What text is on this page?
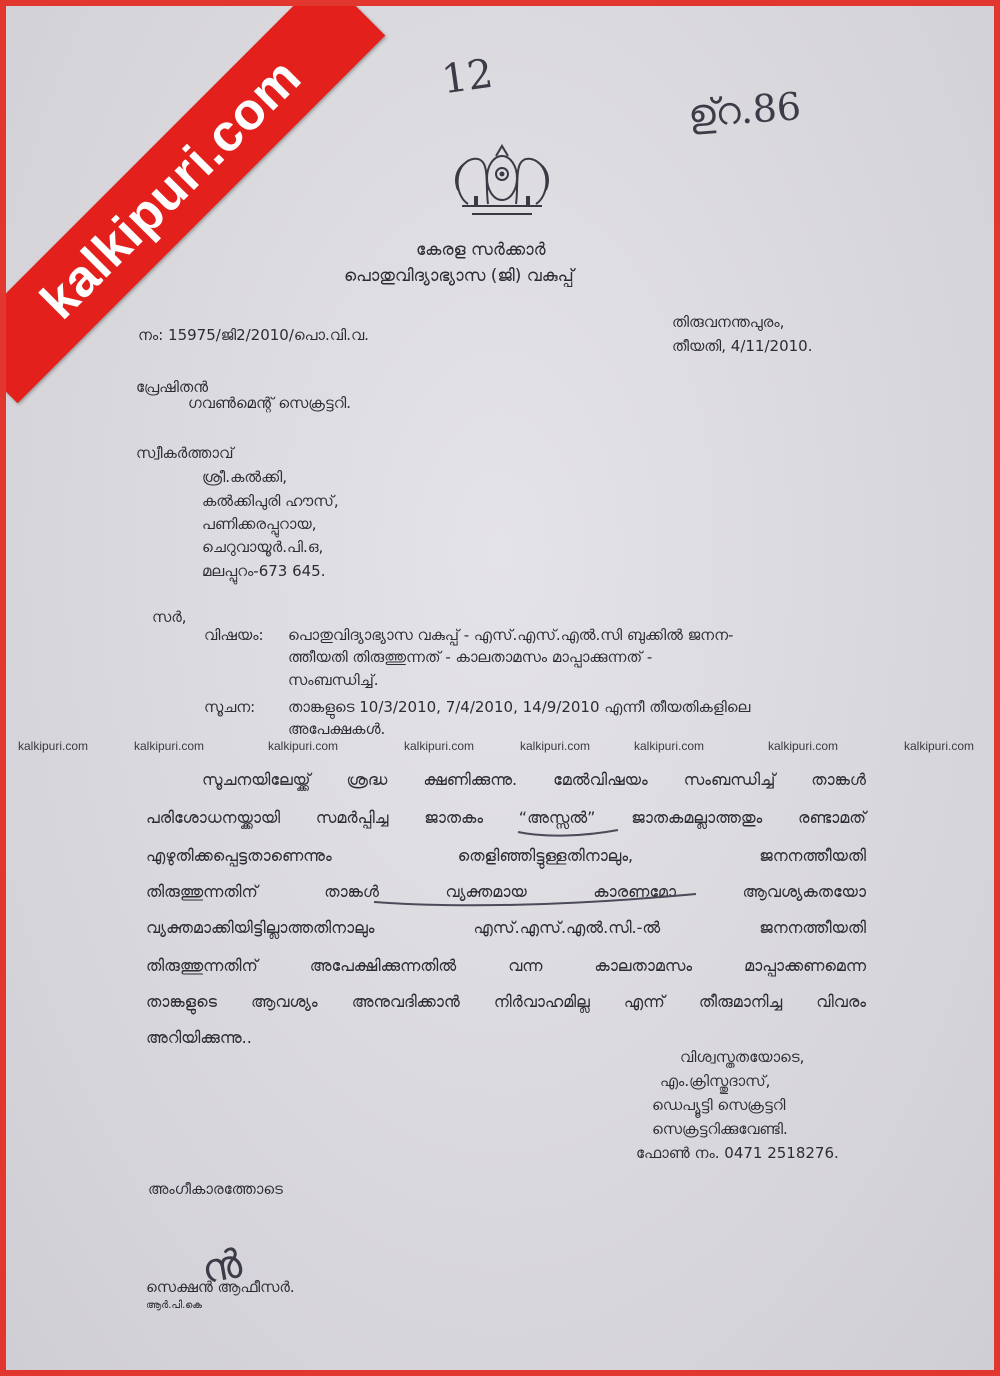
12
ഉ്റ.86
കേരള സർക്കാർ
പൊതുവിദ്യാഭ്യാസ (ജി) വകുപ്പ്
നം: 15975/ജി2/2010/പൊ.വി.വ.
തിരുവനന്തപുരം,
തീയതി, 4/11/2010.
പ്രേഷിതൻ
ഗവൺമെന്റ് സെക്രട്ടറി.
സ്വീകർത്താവ്
ശ്രീ.കൽക്കി,
കൽക്കിപുരി ഹൗസ്,
പണിക്കരപ്പുറായ,
ചെറുവായൂർ.പി.ഒ,
മലപ്പുറം-673 645.
സർ,
വിഷയം: പൊതുവിദ്യാഭ്യാസ വകുപ്പ് - എസ്.എസ്.എൽ.സി ബുക്കിൽ ജനന-
ത്തീയതി തിരുത്തുന്നത് - കാലതാമസം മാപ്പാക്കുന്നത് -
സംബന്ധിച്ച്.
സൂചന: താങ്കളുടെ 10/3/2010, 7/4/2010, 14/9/2010 എന്നീ തീയതികളിലെ
അപേക്ഷകൾ.
kalkipuri.com	kalkipuri.com	kalkipuri.com	kalkipuri.com	kalkipuri.com	kalkipuri.com	kalkipuri.com	kalkipuri.com
സൂചനയിലേയ്ക്ക് ശ്രദ്ധ ക്ഷണിക്കുന്നു. മേൽവിഷയം സംബന്ധിച്ച് താങ്കൾ
പരിശോധനയ്ക്കായി സമർപ്പിച്ച ജാതകം “അസ്സൽ” ജാതകമല്ലാത്തതും രണ്ടാമത്
എഴുതിക്കപ്പെട്ടതാണെന്നും തെളിഞ്ഞിട്ടുള്ളതിനാലും, ജനനത്തീയതി
തിരുത്തുന്നതിന് താങ്കൾ വ്യക്തമായ കാരണമോ ആവശ്യകതയോ
വ്യക്തമാക്കിയിട്ടില്ലാത്തതിനാലും എസ്.എസ്.എൽ.സി.-ൽ ജനനത്തീയതി
തിരുത്തുന്നതിന് അപേക്ഷിക്കുന്നതിൽ വന്ന കാലതാമസം മാപ്പാക്കണമെന്ന
താങ്കളുടെ ആവശ്യം അനുവദിക്കാൻ നിർവാഹമില്ല എന്ന് തീരുമാനിച്ച വിവരം
അറിയിക്കുന്നു..
വിശ്വസ്തതയോടെ,
എം.ക്രിസ്തുദാസ്,
ഡെപ്യൂട്ടി സെക്രട്ടറി
സെക്രട്ടറിക്കുവേണ്ടി.
ഫോൺ നം. 0471 2518276.
അംഗീകാരത്തോടെ
ൻ
സെക്ഷൻ ആഫീസർ.
ആർ.പി.കെ
kalkipuri.com
